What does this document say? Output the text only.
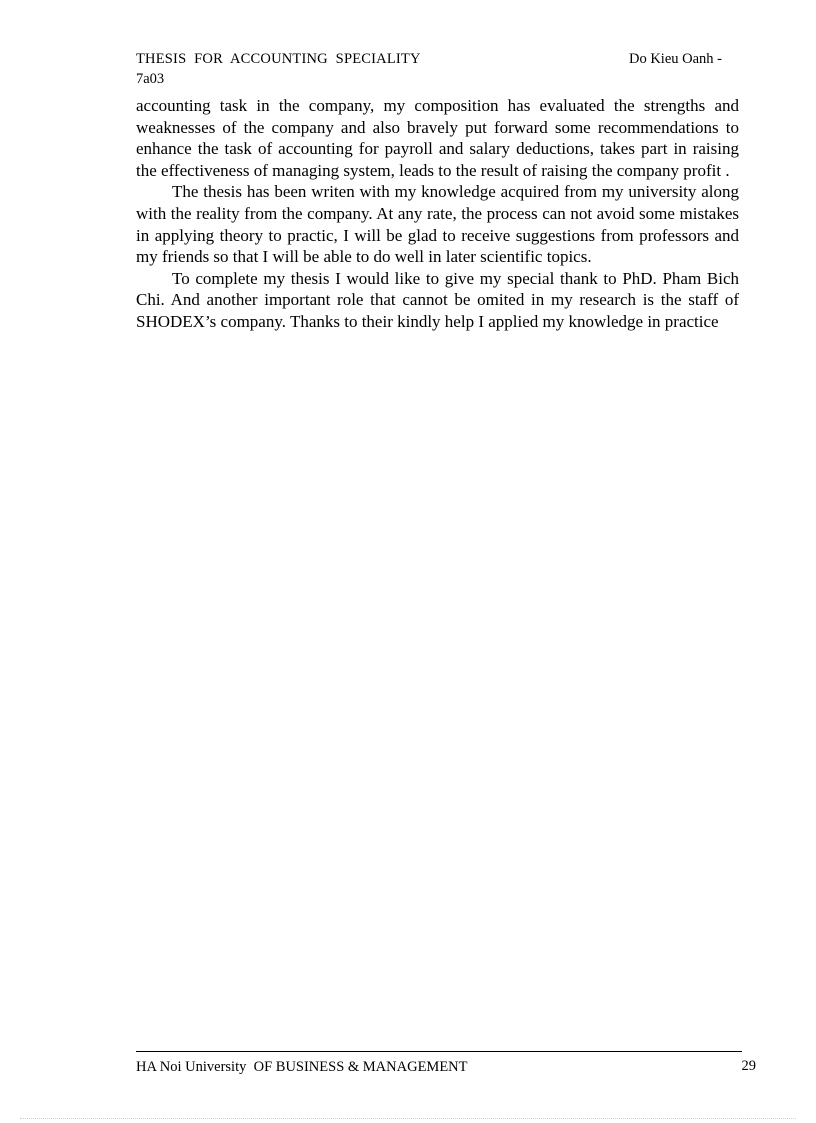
THESIS FOR ACCOUNTING SPECIALITY	Do Kieu Oanh -
7a03

accounting task in the company, my composition has evaluated the strengths and weaknesses of the company and also bravely put forward some recommendations to enhance the task of accounting for payroll and salary deductions, takes part in raising the effectiveness of managing system, leads to the result of raising the company profit .

The thesis has been writen with my knowledge acquired from my university along with the reality from the company. At any rate, the process can not avoid some mistakes in applying theory to practic, I will be glad to receive suggestions from professors and my friends so that I will be able to do well in later scientific topics.

To complete my thesis I would like to give my special thank to PhD. Pham Bich Chi. And another important role that cannot be omited in my research is the staff of SHODEX’s company. Thanks to their kindly help I applied my knowledge in practice

HA Noi University  OF BUSINESS & MANAGEMENT	29
